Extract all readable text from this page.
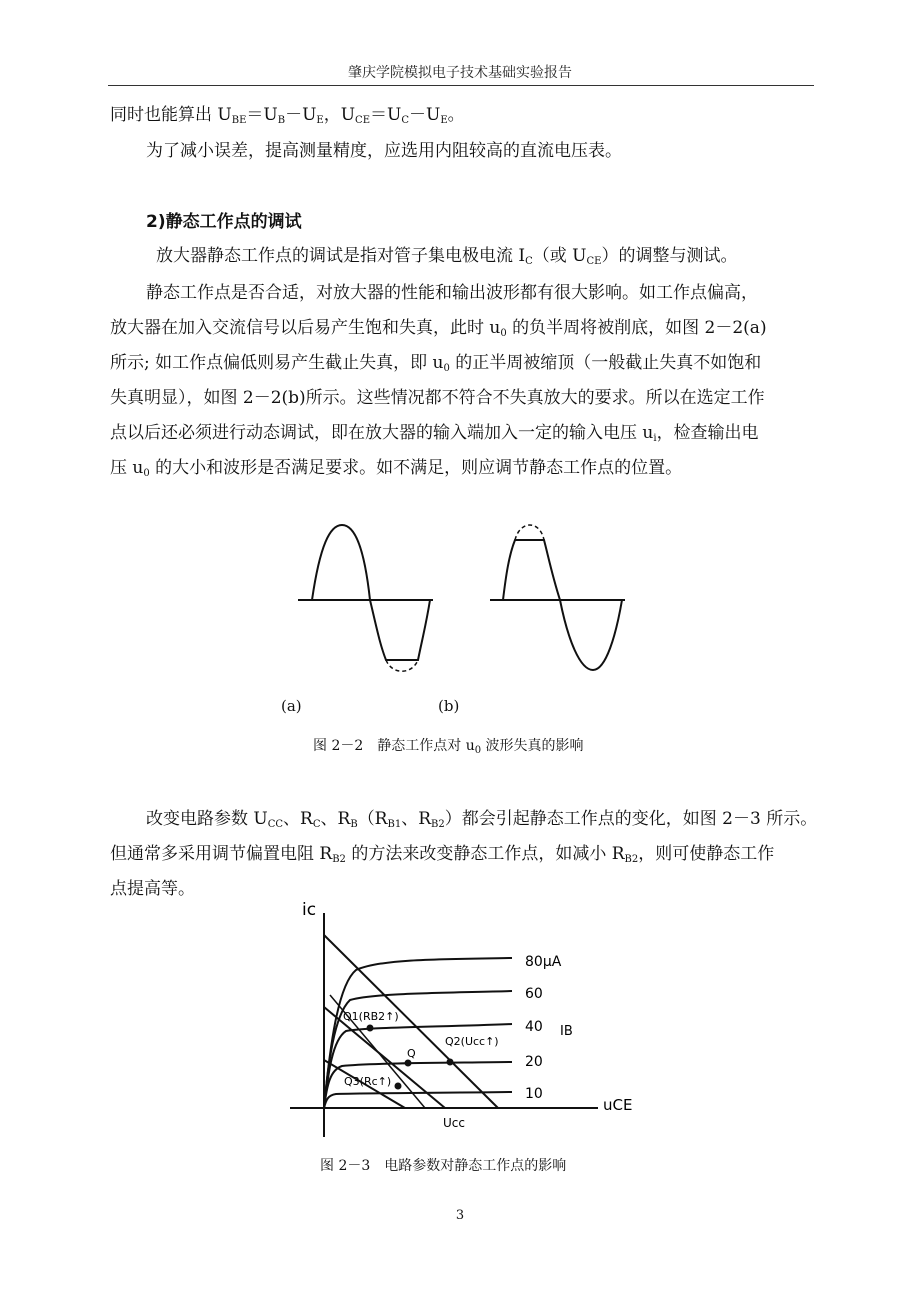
肇庆学院模拟电子技术基础实验报告
同时也能算出 $U_{BE}=U_B-U_E$，$U_{CE}=U_C-U_E$。
为了减小误差，提高测量精度，应选用内阻较高的直流电压表。
2)静态工作点的调试
放大器静态工作点的调试是指对管子集电极电流 $I_C$（或 $U_{CE}$）的调整与测试。
静态工作点是否合适，对放大器的性能和输出波形都有很大影响。如工作点偏高，
放大器在加入交流信号以后易产生饱和失真，此时 $u_0$ 的负半周将被削底，如图 2－2(a)
所示; 如工作点偏低则易产生截止失真，即 $u_0$ 的正半周被缩顶（一般截止失真不如饱和
失真明显），如图 2－2(b)所示。这些情况都不符合不失真放大的要求。所以在选定工作
点以后还必须进行动态调试，即在放大器的输入端加入一定的输入电压 $u_i$，检查输出电
压 $u_0$ 的大小和波形是否满足要求。如不满足，则应调节静态工作点的位置。
(a)	(b)
图 2－2　静态工作点对 $u_0$ 波形失真的影响
改变电路参数 $U_{CC}$、$R_C$、$R_B(R_{B1}$、$R_{B2}$）都会引起静态工作点的变化，如图 2－3 所示。
但通常多采用调节偏置电阻 $R_{B2}$ 的方法来改变静态工作点，如减小 $R_{B2}$，则可使静态工作
点提高等。
ic
uCE
80μA
60
40 IB
20
10
Q1(RB2↑)
Q2(Ucc↑)
Q
Q3(Rc↑)
Ucc
图 2－3　电路参数对静态工作点的影响
3
